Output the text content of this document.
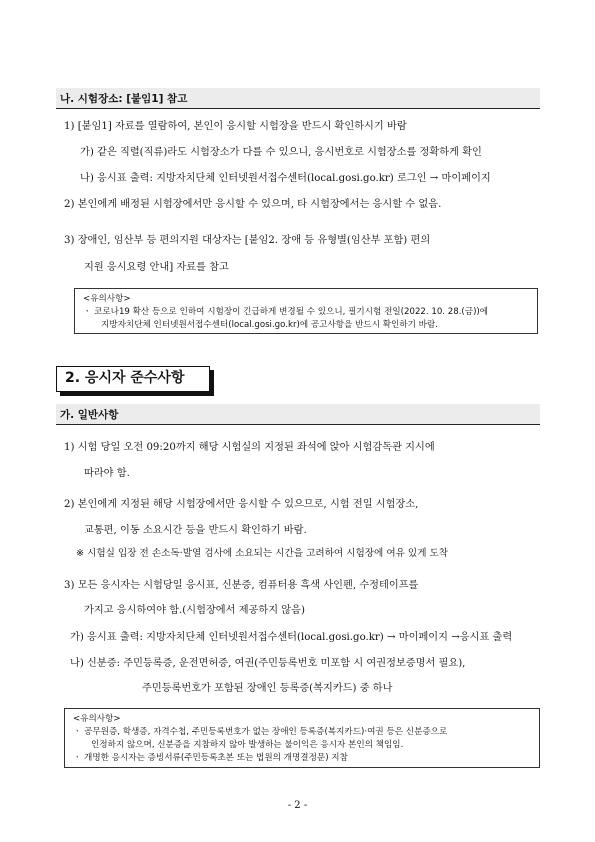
나. 시험장소: [붙임1] 참고
1) [붙임1] 자료를 열람하여, 본인이 응시할 시험장을 반드시 확인하시기 바람
가) 같은 직렬(직류)라도 시험장소가 다를 수 있으니, 응시번호로 시험장소를 정확하게 확인
나) 응시표 출력: 지방자치단체 인터넷원서접수센터(local.gosi.go.kr) 로그인 → 마이페이지
2) 본인에게 배정된 시험장에서만 응시할 수 있으며, 타 시험장에서는 응시할 수 없음.
3) 장애인, 임산부 등 편의지원 대상자는 [붙임2. 장애 등 유형별(임산부 포함) 편의
지원 응시요령 안내] 자료를 참고
<유의사항>
ㆍ 코로나19 확산 등으로 인하여 시험장이 긴급하게 변경될 수 있으니, 필기시험 전일(2022. 10. 28.(금))에
지방자치단체 인터넷원서접수센터(local.gosi.go.kr)에 공고사항을 반드시 확인하기 바람.
2. 응시자 준수사항
가. 일반사항
1) 시험 당일 오전 09:20까지 해당 시험실의 지정된 좌석에 앉아 시험감독관 지시에
따라야 함.
2) 본인에게 지정된 해당 시험장에서만 응시할 수 있으므로, 시험 전일 시험장소,
교통편, 이동 소요시간 등을 반드시 확인하기 바람.
※ 시험실 입장 전 손소독·발열 검사에 소요되는 시간을 고려하여 시험장에 여유 있게 도착
3) 모든 응시자는 시험당일 응시표, 신분증, 컴퓨터용 흑색 사인펜, 수정테이프를
가지고 응시하여야 함.(시험장에서 제공하지 않음)
가) 응시표 출력: 지방자치단체 인터넷원서접수센터(local.gosi.go.kr) → 마이페이지 →응시표 출력
나) 신분증: 주민등록증, 운전면허증, 여권(주민등록번호 미포함 시 여권정보증명서 필요),
주민등록번호가 포함된 장애인 등록증(복지카드) 중 하나
<유의사항>
ㆍ 공무원증, 학생증, 자격수첩, 주민등록번호가 없는 장애인 등록증(복지카드)·여권 등은 신분증으로
인정하지 않으며, 신분증을 지참하지 않아 발생하는 불이익은 응시자 본인의 책임임.
ㆍ 개명한 응시자는 증빙서류(주민등록초본 또는 법원의 개명결정문) 지참
- 2 -
